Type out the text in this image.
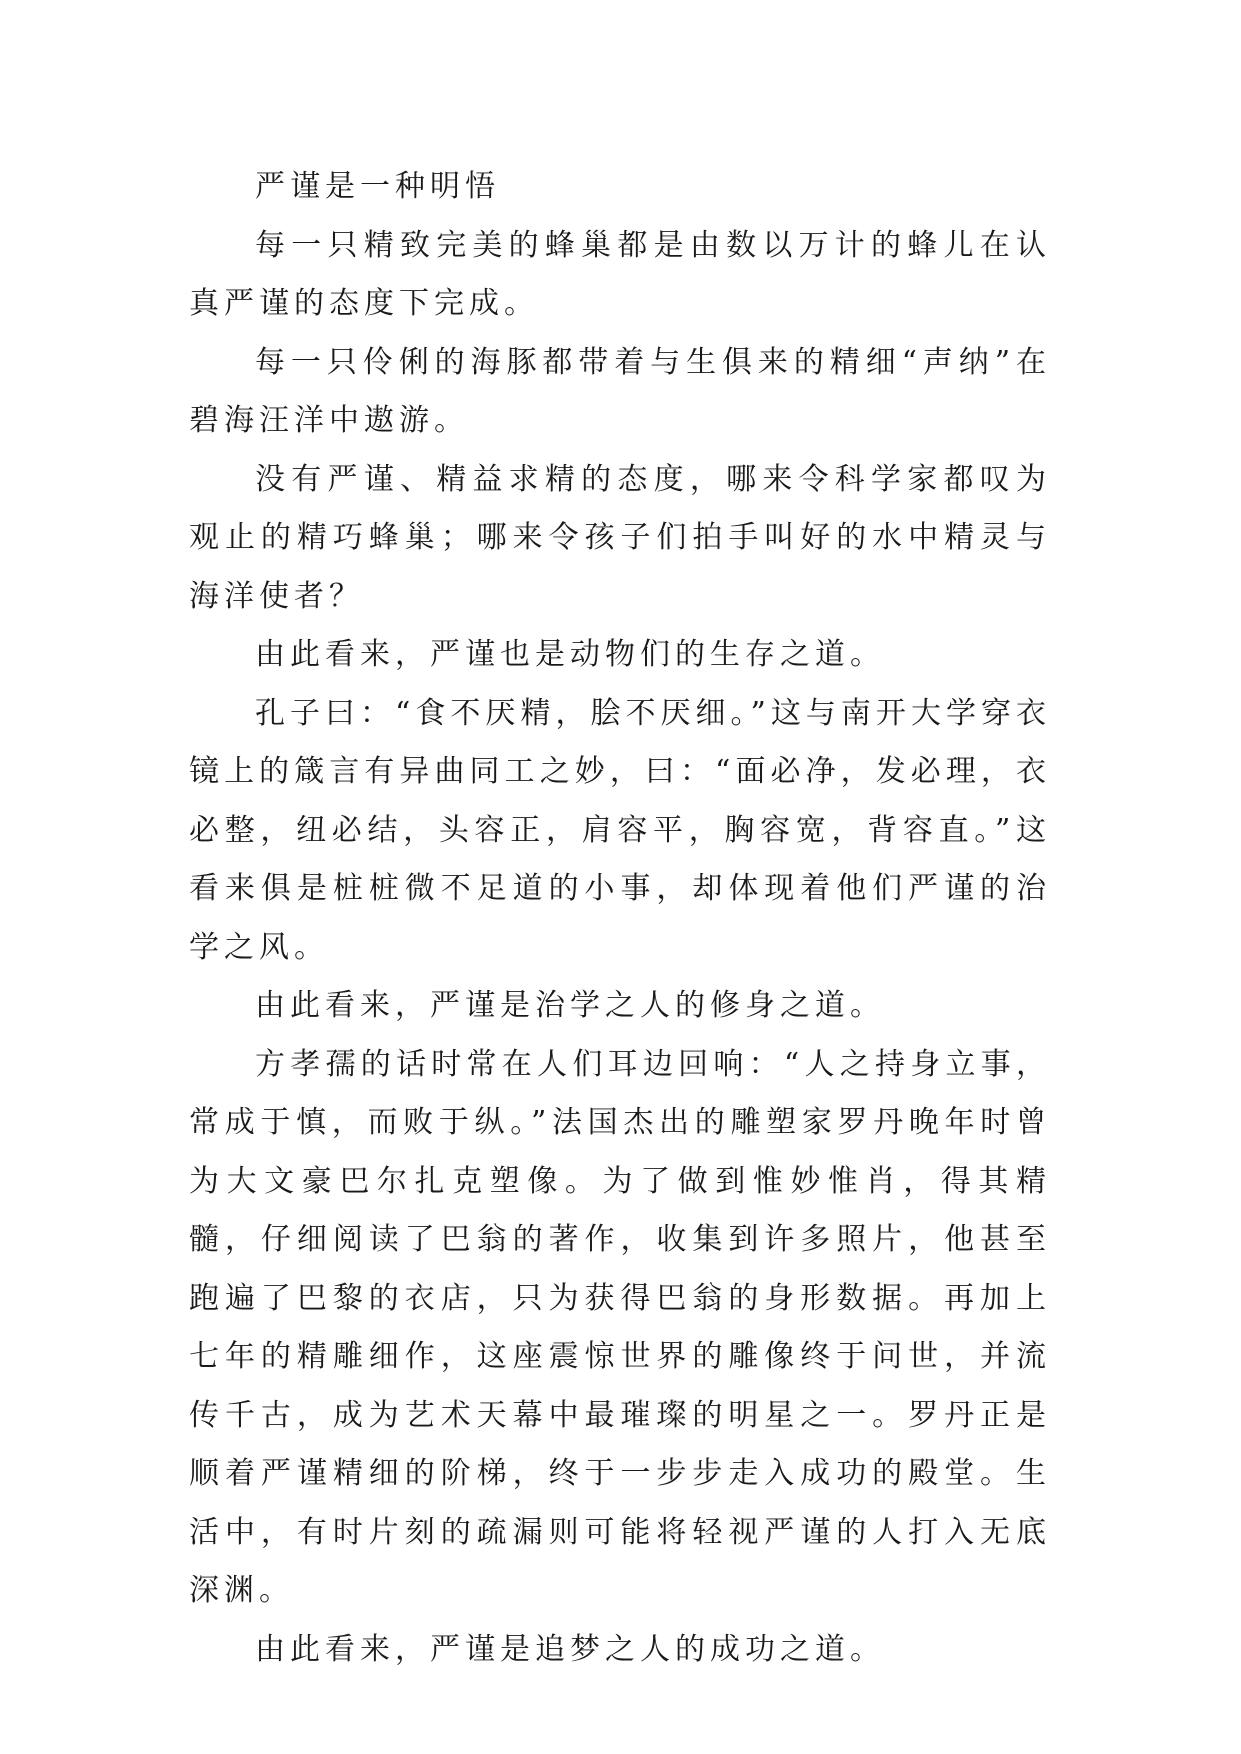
严谨是一种明悟

每一只精致完美的蜂巢都是由数以万计的蜂儿在认真严谨的态度下完成。

每一只伶俐的海豚都带着与生俱来的精细“声纳”在碧海汪洋中遨游。

没有严谨、精益求精的态度，哪来令科学家都叹为观止的精巧蜂巢；哪来令孩子们拍手叫好的水中精灵与海洋使者？

由此看来，严谨也是动物们的生存之道。

孔子曰：“食不厌精，脍不厌细。”这与南开大学穿衣镜上的箴言有异曲同工之妙，曰：“面必净，发必理，衣必整，纽必结，头容正，肩容平，胸容宽，背容直。”这看来俱是桩桩微不足道的小事，却体现着他们严谨的治学之风。

由此看来，严谨是治学之人的修身之道。

方孝孺的话时常在人们耳边回响：“人之持身立事，常成于慎，而败于纵。”法国杰出的雕塑家罗丹晚年时曾为大文豪巴尔扎克塑像。为了做到惟妙惟肖，得其精髓，仔细阅读了巴翁的著作，收集到许多照片，他甚至跑遍了巴黎的衣店，只为获得巴翁的身形数据。再加上七年的精雕细作，这座震惊世界的雕像终于问世，并流传千古，成为艺术天幕中最璀璨的明星之一。罗丹正是顺着严谨精细的阶梯，终于一步步走入成功的殿堂。生活中，有时片刻的疏漏则可能将轻视严谨的人打入无底深渊。

由此看来，严谨是追梦之人的成功之道。
